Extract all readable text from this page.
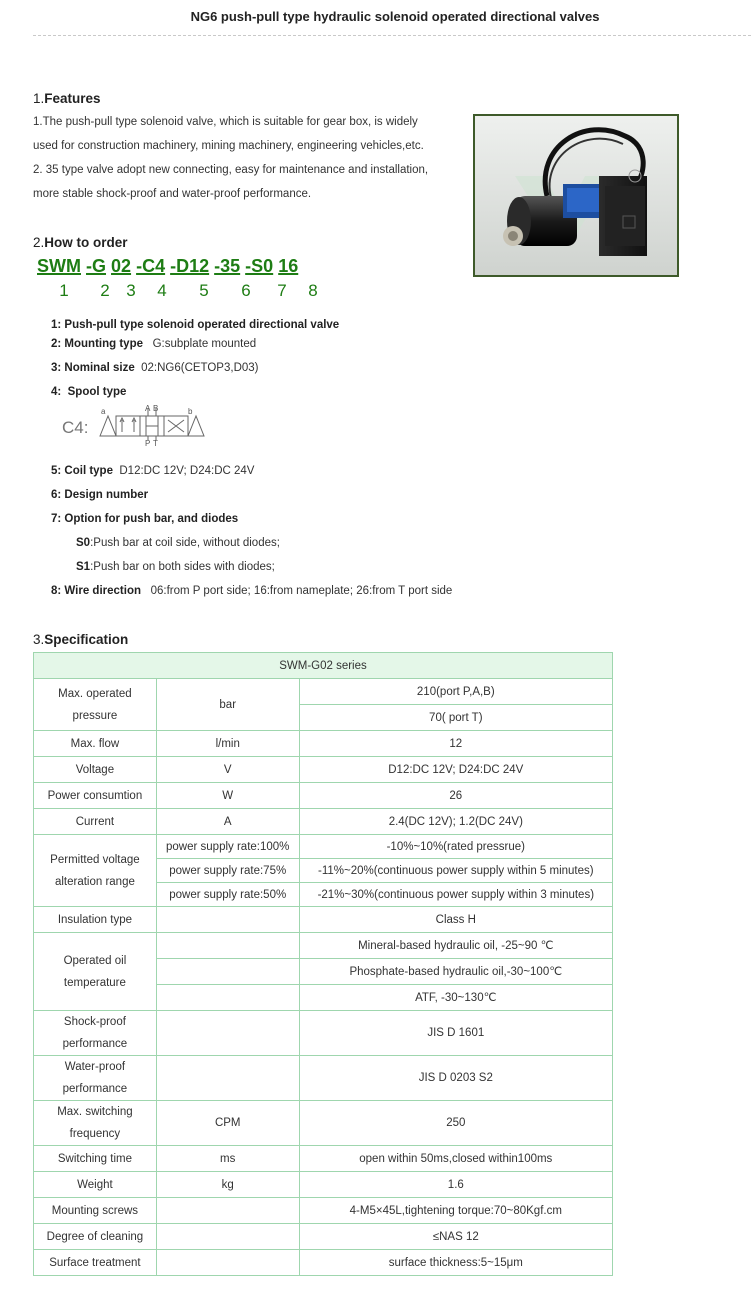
NG6 push-pull type hydraulic solenoid operated directional valves
1.Features
1.The push-pull type solenoid valve, which is suitable for gear box, is widely
used for construction machinery, mining machinery, engineering vehicles,etc.
2. 35 type valve adopt new connecting, easy for maintenance and installation,
more stable shock-proof and water-proof performance.
2.How to order
SWM -G 02 -C4 -D12 -35 -S0 16
1	2 3	4	5	6	7	8
1: Push-pull type solenoid operated directional valve
2: Mounting type G:subplate mounted
3: Nominal size 02:NG6(CETOP3,D03)
4: Spool type
C4:
A B
P T
a	b
5: Coil type D12:DC 12V; D24:DC 24V
6: Design number
7: Option for push bar, and diodes
S0:Push bar at coil side, without diodes;
S1:Push bar on both sides with diodes;
8: Wire direction 06:from P port side; 16:from nameplate; 26:from T port side
3.Specification
SWM-G02 series		
Max. operated
pressure	bar	210(port P,A,B)
		70( port T)
Max. flow	l/min	12
Voltage	V	D12:DC 12V; D24:DC 24V
Power consumtion	W	26
Current	A	2.4(DC 12V); 1.2(DC 24V)
Permitted voltage
alteration range	power supply rate:100%	-10%~10%(rated pressrue)
	power supply rate:75%	-11%~20%(continuous power supply within 5 minutes)
	power supply rate:50%	-21%~30%(continuous power supply within 3 minutes)
Insulation type		Class H
Operated oil
temperature		Mineral-based hydraulic oil, -25~90 ℃
		Phosphate-based hydraulic oil,-30~100℃
		ATF, -30~130℃
Shock-proof
performance		JIS D 1601
Water-proof
performance		JIS D 0203 S2
Max. switching
frequency	CPM	250
Switching time	ms	open within 50ms,closed within100ms
Weight	kg	1.6
Mounting screws		4-M5×45L,tightening torque:70~80Kgf.cm
Degree of cleaning		≤NAS 12
Surface treatment		surface thickness:5~15μm
